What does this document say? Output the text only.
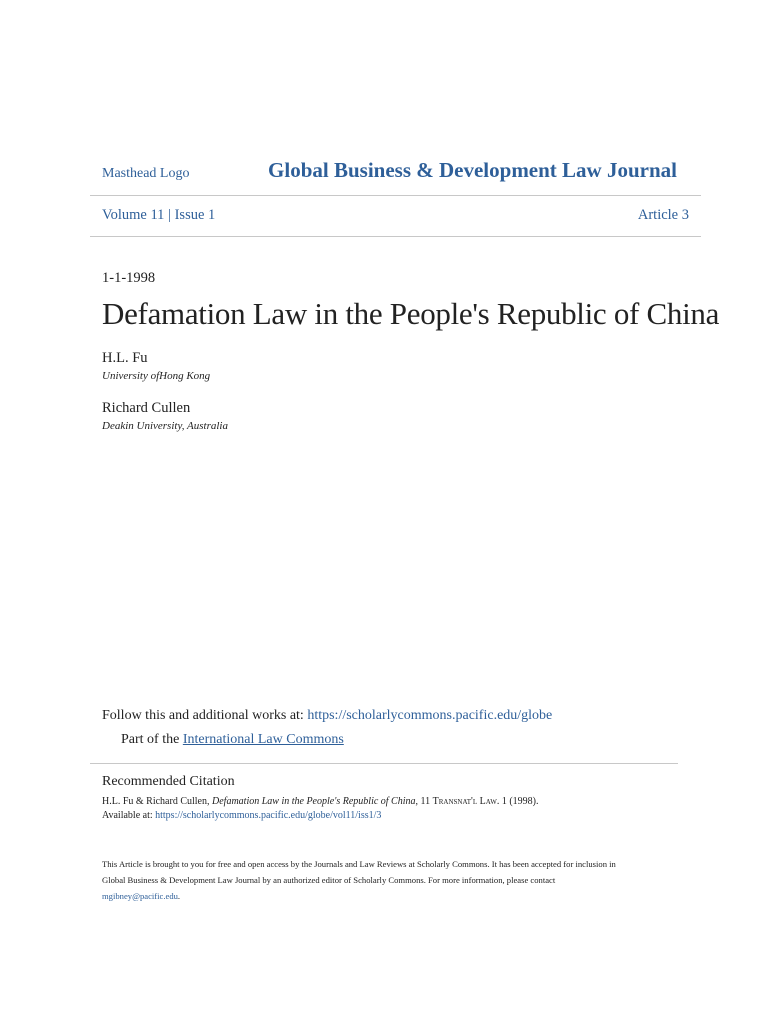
Masthead Logo	Global Business & Development Law Journal
Volume 11 | Issue 1	Article 3
1-1-1998
Defamation Law in the People's Republic of China
H.L. Fu
University ofHong Kong
Richard Cullen
Deakin University, Australia
Follow this and additional works at: https://scholarlycommons.pacific.edu/globe
Part of the International Law Commons
Recommended Citation
H.L. Fu & Richard Cullen, Defamation Law in the People's Republic of China, 11 Transnat'l Law. 1 (1998).
Available at: https://scholarlycommons.pacific.edu/globe/vol11/iss1/3
This Article is brought to you for free and open access by the Journals and Law Reviews at Scholarly Commons. It has been accepted for inclusion in
Global Business & Development Law Journal by an authorized editor of Scholarly Commons. For more information, please contact
mgibney@pacific.edu.
